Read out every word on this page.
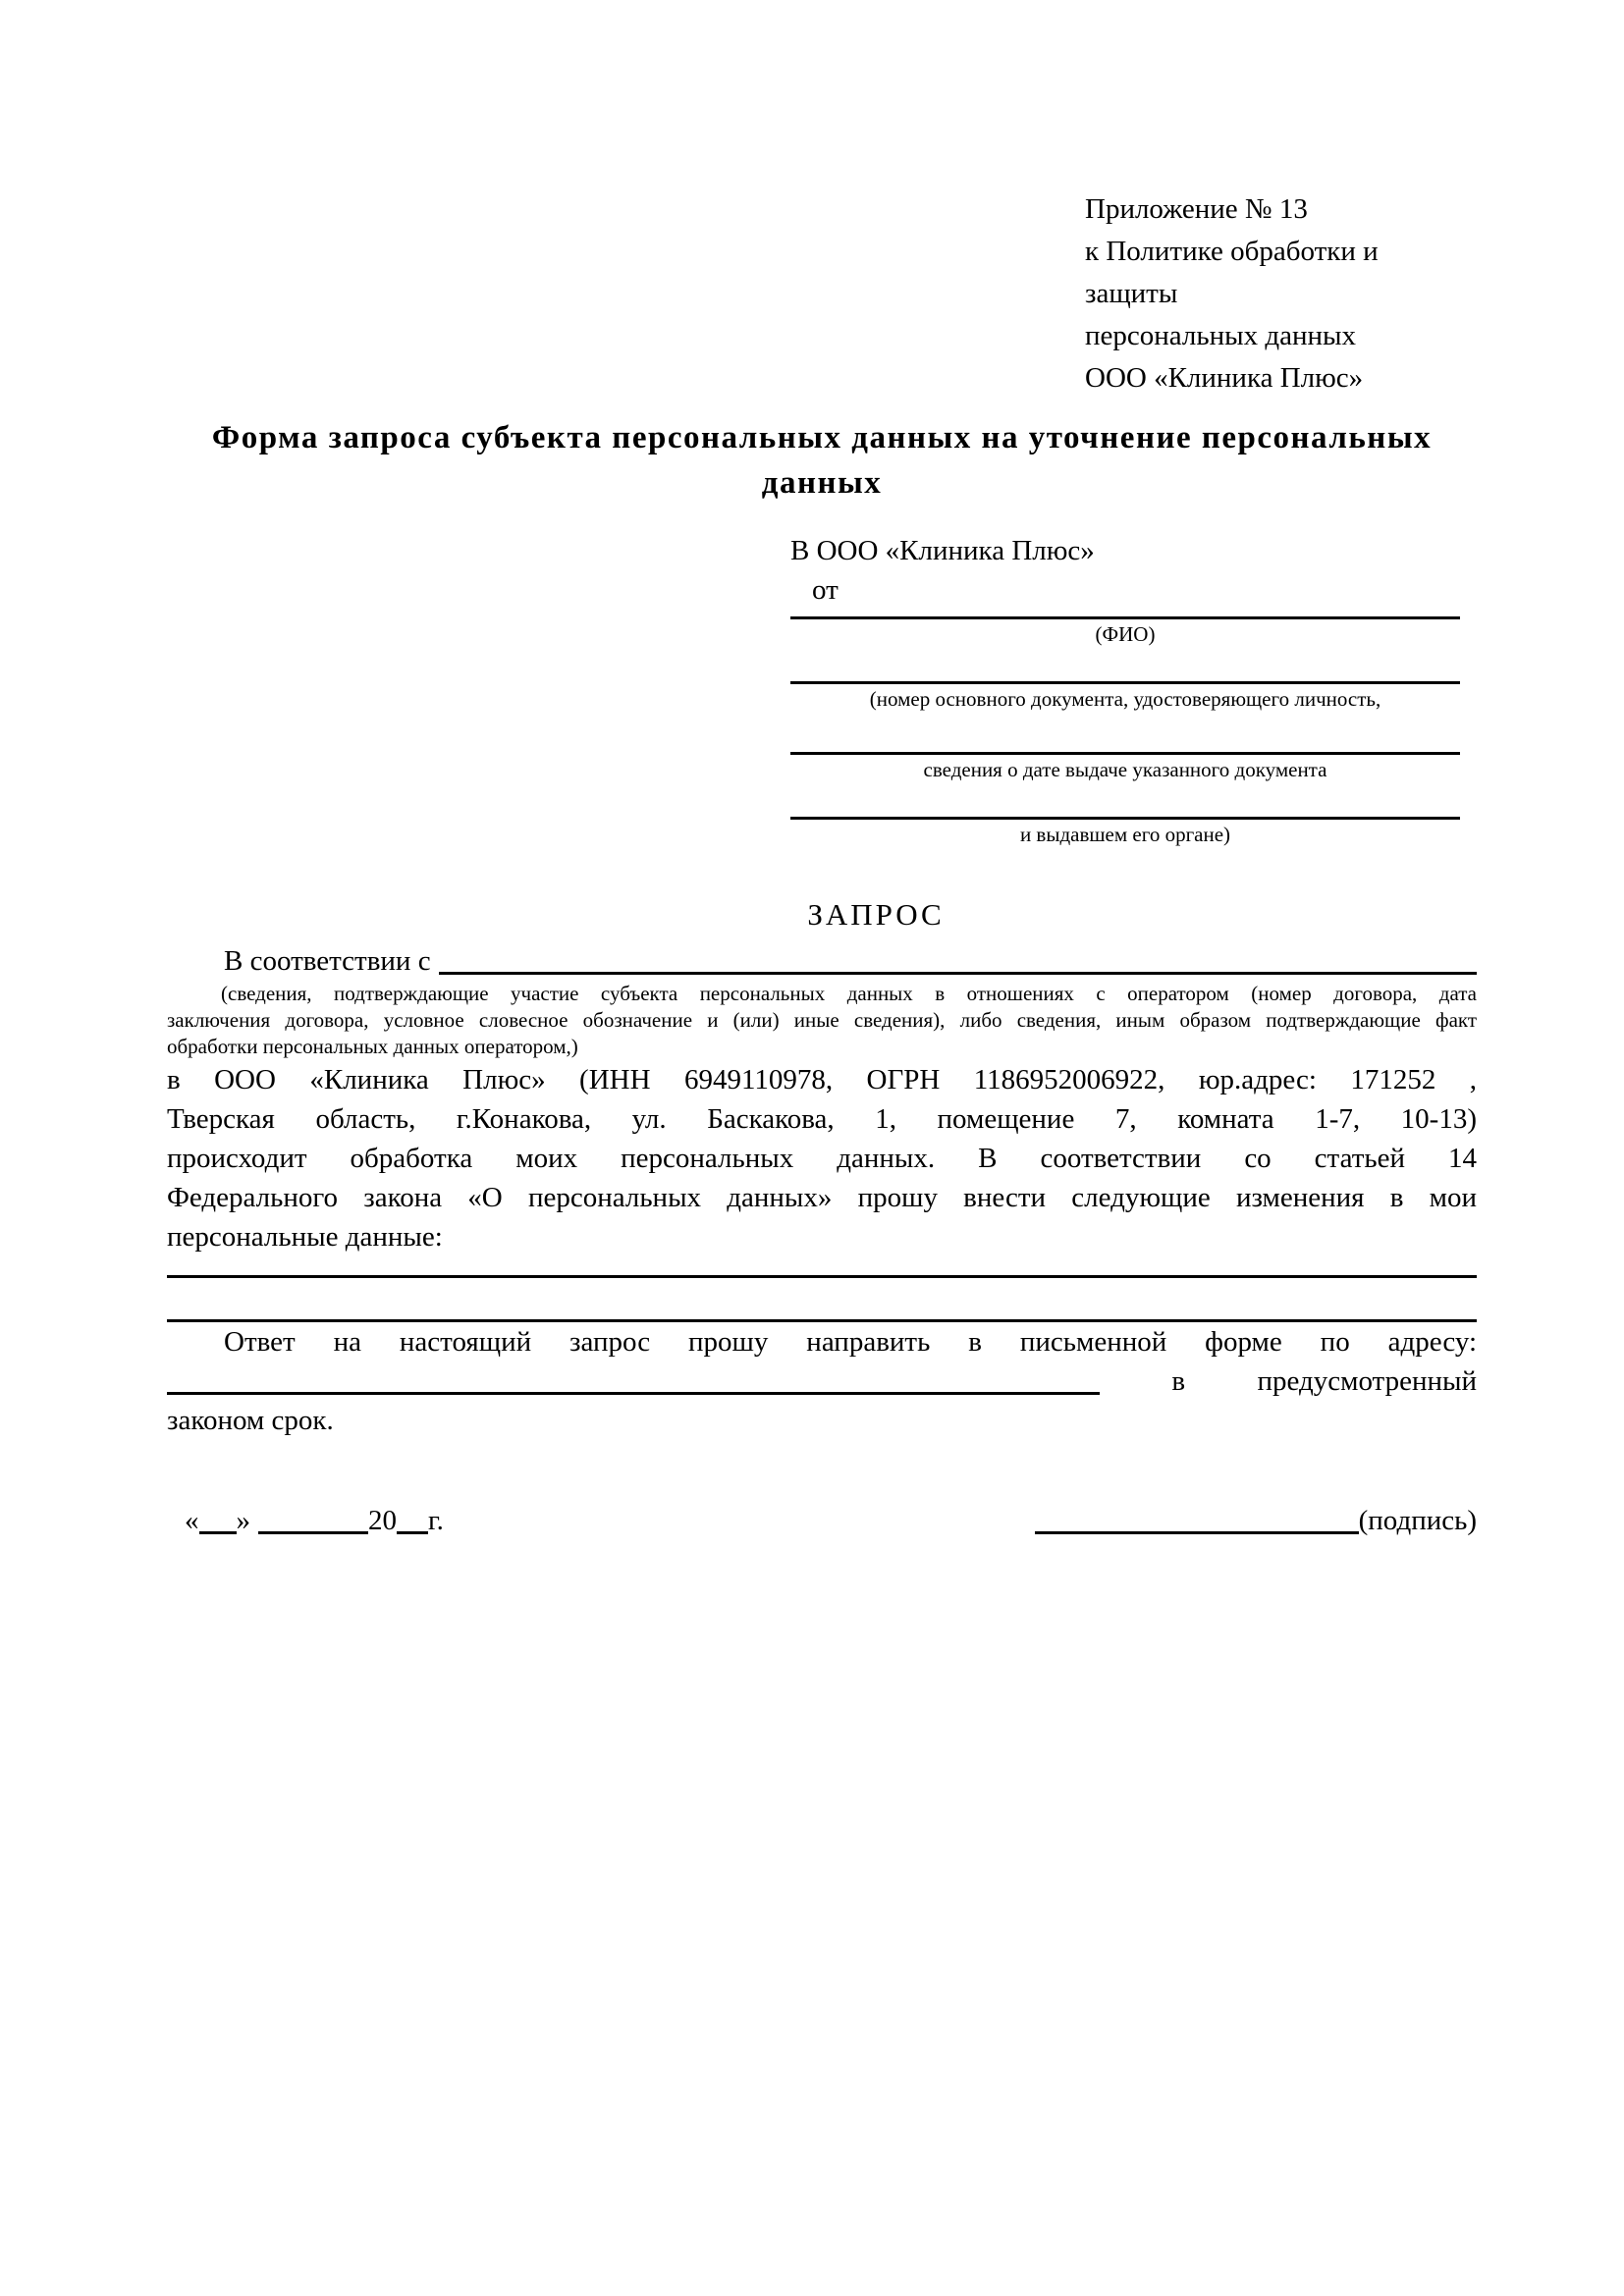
Приложение № 13
к Политике обработки и защиты
персональных данных
ООО «Клиника Плюс»
Форма запроса субъекта персональных данных на уточнение персональных данных
В ООО «Клиника Плюс»
от
(ФИО)
(номер основного документа, удостоверяющего личность,
сведения о дате выдаче указанного документа
и выдавшем его органе)
ЗАПРОС
В соответствии с
(сведения, подтверждающие участие субъекта персональных данных в отношениях с оператором (номер договора, дата
заключения договора, условное словесное обозначение и (или) иные сведения), либо сведения, иным образом подтверждающие факт
обработки персональных данных оператором,)
в ООО «Клиника Плюс» (ИНН 6949110978, ОГРН 1186952006922, юр.адрес: 171252 ,
Тверская область, г.Конакова, ул. Баскакова, 1, помещение 7, комната 1-7, 10-13)
происходит обработка моих персональных данных. В соответствии со статьей 14
Федерального закона «О персональных данных» прошу внести следующие изменения в мои
персональные данные:
Ответ на настоящий запрос прошу направить в письменной форме по адресу:
в	предусмотренный
законом срок.
« »	20 г.	(подпись)
